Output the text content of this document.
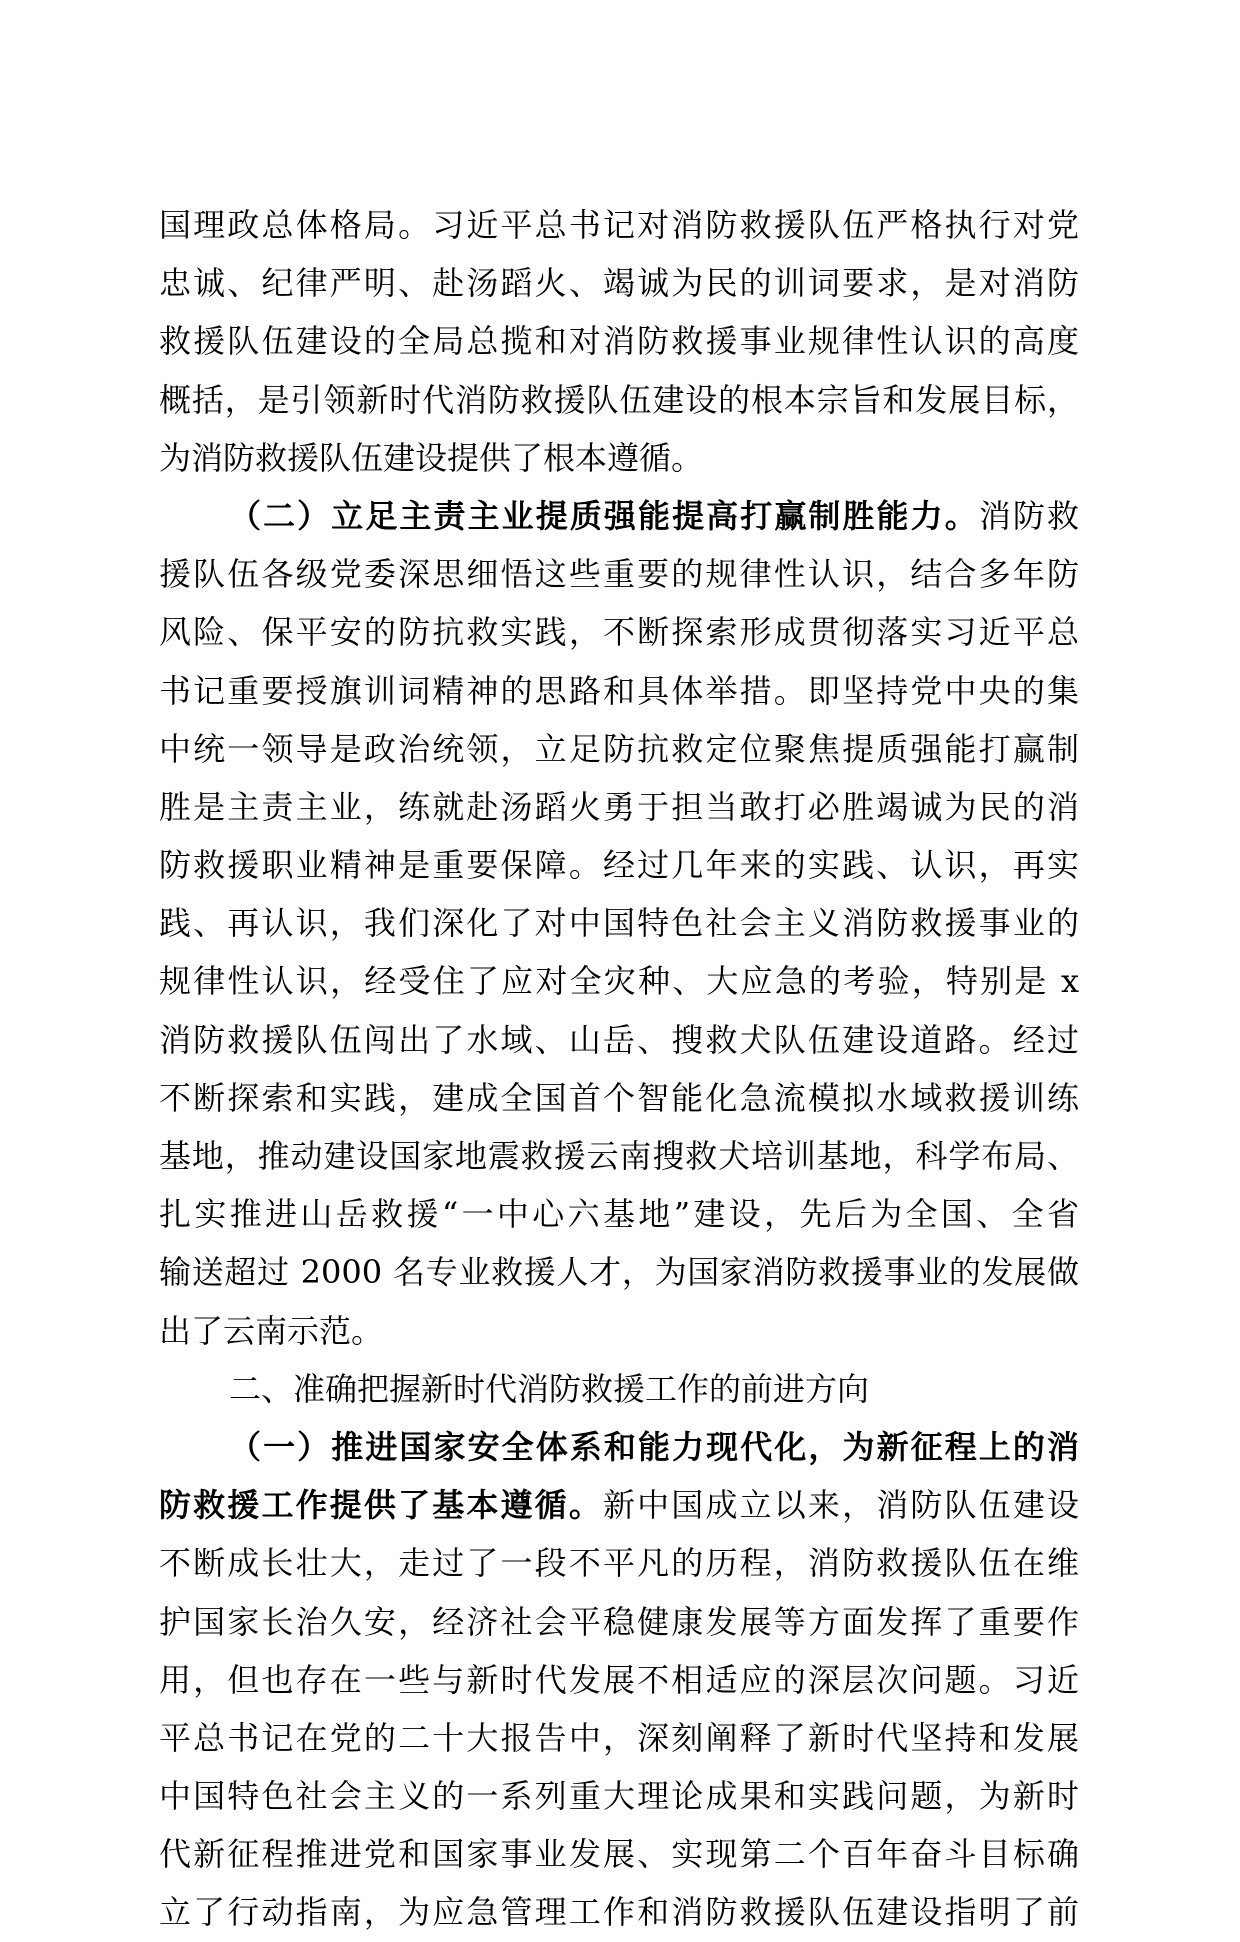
国理政总体格局。习近平总书记对消防救援队伍严格执行对党
忠诚、纪律严明、赴汤蹈火、竭诚为民的训词要求，是对消防
救援队伍建设的全局总揽和对消防救援事业规律性认识的高度
概括，是引领新时代消防救援队伍建设的根本宗旨和发展目标，
为消防救援队伍建设提供了根本遵循。
（二）立足主责主业提质强能提高打赢制胜能力。消防救
援队伍各级党委深思细悟这些重要的规律性认识，结合多年防
风险、保平安的防抗救实践，不断探索形成贯彻落实习近平总
书记重要授旗训词精神的思路和具体举措。即坚持党中央的集
中统一领导是政治统领，立足防抗救定位聚焦提质强能打赢制
胜是主责主业，练就赴汤蹈火勇于担当敢打必胜竭诚为民的消
防救援职业精神是重要保障。经过几年来的实践、认识，再实
践、再认识，我们深化了对中国特色社会主义消防救援事业的
规律性认识，经受住了应对全灾种、大应急的考验，特别是 x
消防救援队伍闯出了水域、山岳、搜救犬队伍建设道路。经过
不断探索和实践，建成全国首个智能化急流模拟水域救援训练
基地，推动建设国家地震救援云南搜救犬培训基地，科学布局、
扎实推进山岳救援“一中心六基地”建设，先后为全国、全省
输送超过 2000 名专业救援人才，为国家消防救援事业的发展做
出了云南示范。
二、准确把握新时代消防救援工作的前进方向
（一）推进国家安全体系和能力现代化，为新征程上的消
防救援工作提供了基本遵循。新中国成立以来，消防队伍建设
不断成长壮大，走过了一段不平凡的历程，消防救援队伍在维
护国家长治久安，经济社会平稳健康发展等方面发挥了重要作
用，但也存在一些与新时代发展不相适应的深层次问题。习近
平总书记在党的二十大报告中，深刻阐释了新时代坚持和发展
中国特色社会主义的一系列重大理论成果和实践问题，为新时
代新征程推进党和国家事业发展、实现第二个百年奋斗目标确
立了行动指南，为应急管理工作和消防救援队伍建设指明了前
